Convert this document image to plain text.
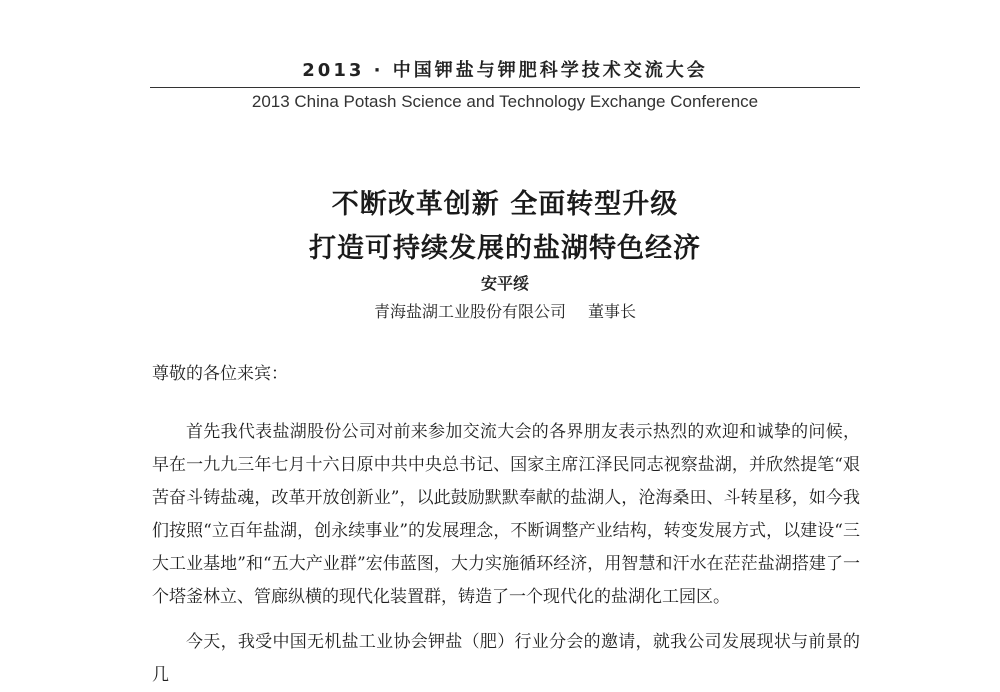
2013 · 中国钾盐与钾肥科学技术交流大会
2013 China Potash Science and Technology Exchange Conference
不断改革创新 全面转型升级
打造可持续发展的盐湖特色经济
安平绥
青海盐湖工业股份有限公司 董事长
尊敬的各位来宾：

首先我代表盐湖股份公司对前来参加交流大会的各界朋友表示热烈的欢迎和诚挚的问候，早在一九九三年七月十六日原中共中央总书记、国家主席江泽民同志视察盐湖，并欣然提笔“艰苦奋斗铸盐魂，改革开放创新业”，以此鼓励默默奉献的盐湖人，沧海桑田、斗转星移，如今我们按照“立百年盐湖，创永续事业”的发展理念，不断调整产业结构，转变发展方式，以建设“三大工业基地”和“五大产业群”宏伟蓝图，大力实施循环经济，用智慧和汗水在茫茫盐湖搭建了一个塔釜林立、管廊纵横的现代化装置群，铸造了一个现代化的盐湖化工园区。

今天，我受中国无机盐工业协会钾盐（肥）行业分会的邀请，就我公司发展现状与前景的几
